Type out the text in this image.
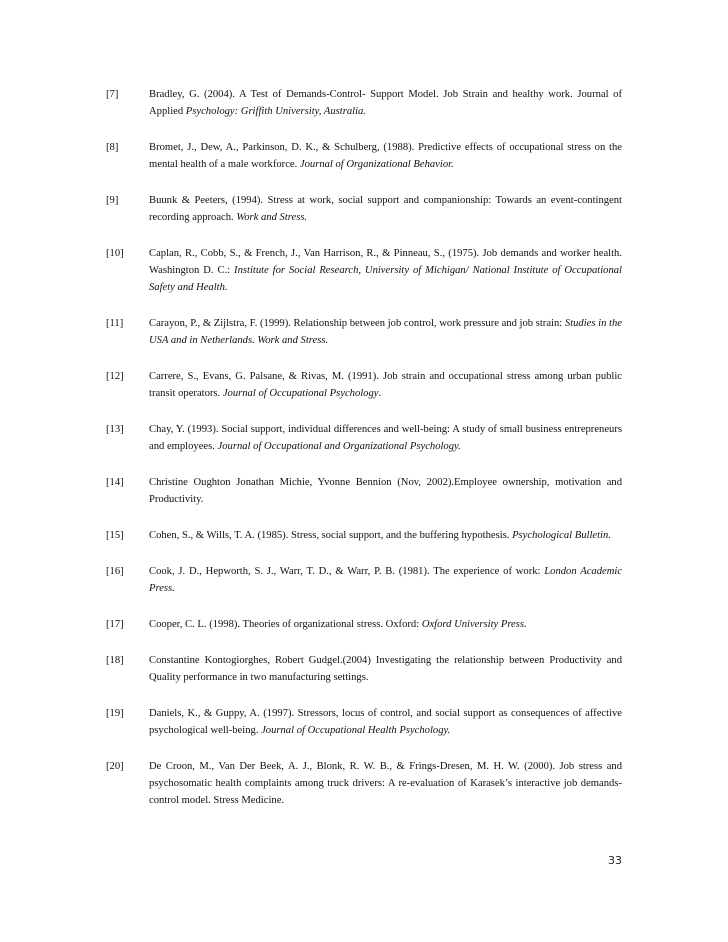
[7]	Bradley, G. (2004). A Test of Demands-Control- Support Model. Job Strain and healthy work. Journal of Applied Psychology: Griffith University, Australia.
[8]	Bromet, J., Dew, A., Parkinson, D. K., & Schulberg, (1988). Predictive effects of occupational stress on the mental health of a male workforce. Journal of Organizational Behavior.
[9]	Buunk & Peeters, (1994). Stress at work, social support and companionship: Towards an event-contingent recording approach. Work and Stress.
[10]	Caplan, R., Cobb, S., & French, J., Van Harrison, R., & Pinneau, S., (1975). Job demands and worker health. Washington D. C.: Institute for Social Research, University of Michigan/ National Institute of Occupational Safety and Health.
[11]	Carayon, P., & Zijlstra, F. (1999). Relationship between job control, work pressure and job strain: Studies in the USA and in Netherlands. Work and Stress.
[12]	Carrere, S., Evans, G. Palsane, & Rivas, M. (1991). Job strain and occupational stress among urban public transit operators. Journal of Occupational Psychology.
[13]	Chay, Y. (1993). Social support, individual differences and well-being: A study of small business entrepreneurs and employees. Journal of Occupational and Organizational Psychology.
[14]	Christine Oughton Jonathan Michie, Yvonne Bennion (Nov, 2002).Employee ownership, motivation and Productivity.
[15]	Cohen, S., & Wills, T. A. (1985). Stress, social support, and the buffering hypothesis. Psychological Bulletin.
[16]	Cook, J. D., Hepworth, S. J., Warr, T. D., & Warr, P. B. (1981). The experience of work: London Academic Press.
[17]	Cooper, C. L. (1998). Theories of organizational stress. Oxford: Oxford University Press.
[18]	Constantine Kontogiorghes, Robert Gudgel.(2004) Investigating the relationship between Productivity and Quality performance in two manufacturing settings.
[19]	Daniels, K., & Guppy, A. (1997). Stressors, locus of control, and social support as consequences of affective psychological well-being. Journal of Occupational Health Psychology.
[20]	De Croon, M., Van Der Beek, A. J., Blonk, R. W. B., & Frings-Dresen, M. H. W. (2000). Job stress and psychosomatic health complaints among truck drivers: A re-evaluation of Karasek’s interactive job demands-control model. Stress Medicine.
33
